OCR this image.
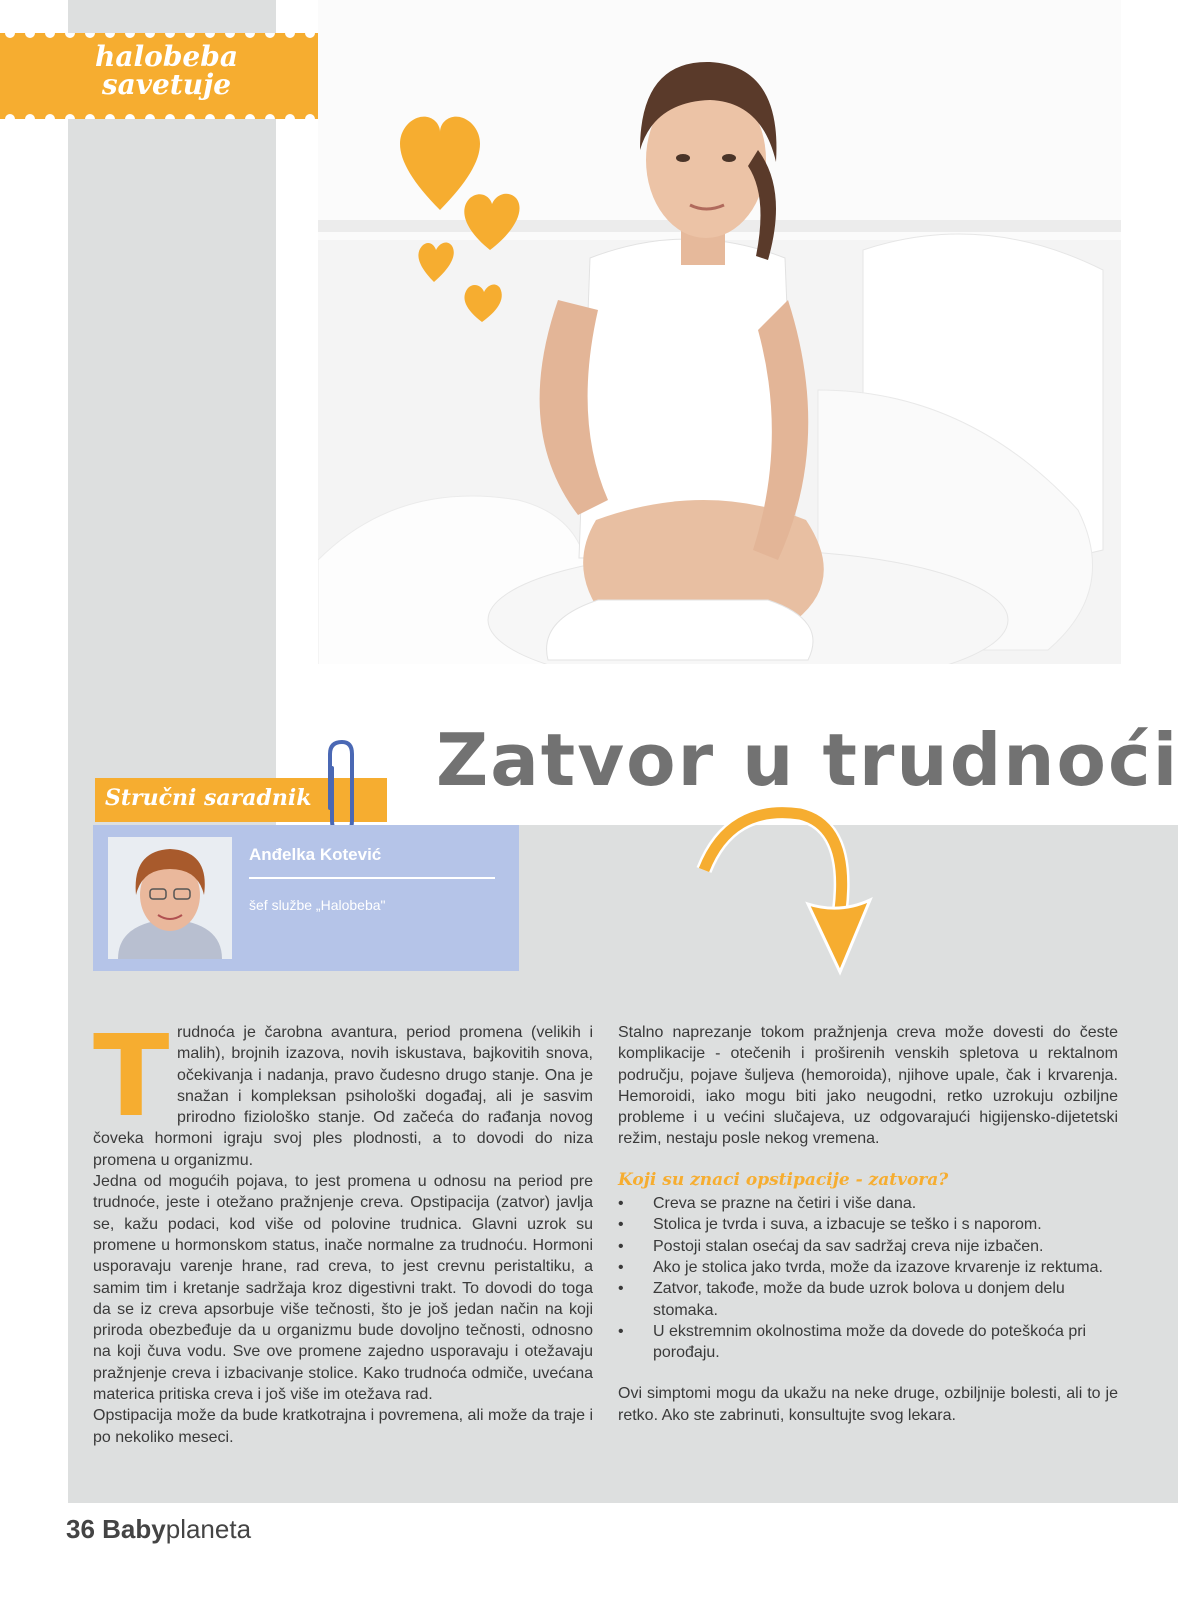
halobeba
savetuje
Zatvor u trudnoći
Stručni saradnik
Anđelka Kotević
šef službe „Halobeba"
T rudnoća je čarobna avantura, period promena (velikih i malih), brojnih izazova, novih iskustava, bajkovitih snova, očekivanja i nadanja, pravo čudesno drugo stanje. Ona je snažan i kompleksan psihološki događaj, ali je sasvim prirodno fiziološko stanje. Od začeća do rađanja novog čoveka hormoni igraju svoj ples plodnosti, a to dovodi do niza promena u organizmu.

Jedna od mogućih pojava, to jest promena u odnosu na period pre trudnoće, jeste i otežano pražnjenje creva. Opstipacija (zatvor) javlja se, kažu podaci, kod više od polovine trudnica. Glavni uzrok su promene u hormonskom status, inače normalne za trudnoću. Hormoni usporavaju varenje hrane, rad creva, to jest crevnu peristaltiku, a samim tim i kretanje sadržaja kroz digestivni trakt. To dovodi do toga da se iz creva apsorbuje više tečnosti, što je još jedan način na koji priroda obezbeđuje da u organizmu bude dovoljno tečnosti, odnosno na koji čuva vodu. Sve ove promene zajedno usporavaju i otežavaju pražnjenje creva i izbacivanje stolice. Kako trudnoća odmiče, uvećana materica pritiska creva i još više im otežava rad.

Opstipacija može da bude kratkotrajna i povremena, ali može da traje i po nekoliko meseci.

Stalno naprezanje tokom pražnjenja creva može dovesti do česte komplikacije - otečenih i proširenih venskih spletova u rektalnom području, pojave šuljeva (hemoroida), njihove upale, čak i krvarenja. Hemoroidi, iako mogu biti jako neugodni, retko uzrokuju ozbiljne probleme i u većini slučajeva, uz odgovarajući higijensko-dijetetski režim, nestaju posle nekog vremena.

Koji su znaci opstipacije - zatvora?
• Creva se prazne na četiri i više dana.
• Stolica je tvrda i suva, a izbacuje se teško i s naporom.
• Postoji stalan osećaj da sav sadržaj creva nije izbačen.
• Ako je stolica jako tvrda, može da izazove krvarenje iz rektuma.
• Zatvor, takođe, može da bude uzrok bolova u donjem delu stomaka.
• U ekstremnim okolnostima može da dovede do poteškoća pri porođaju.

Ovi simptomi mogu da ukažu na neke druge, ozbiljnije bolesti, ali to je retko. Ako ste zabrinuti, konsultujte svog lekara.

36 Babyplaneta
